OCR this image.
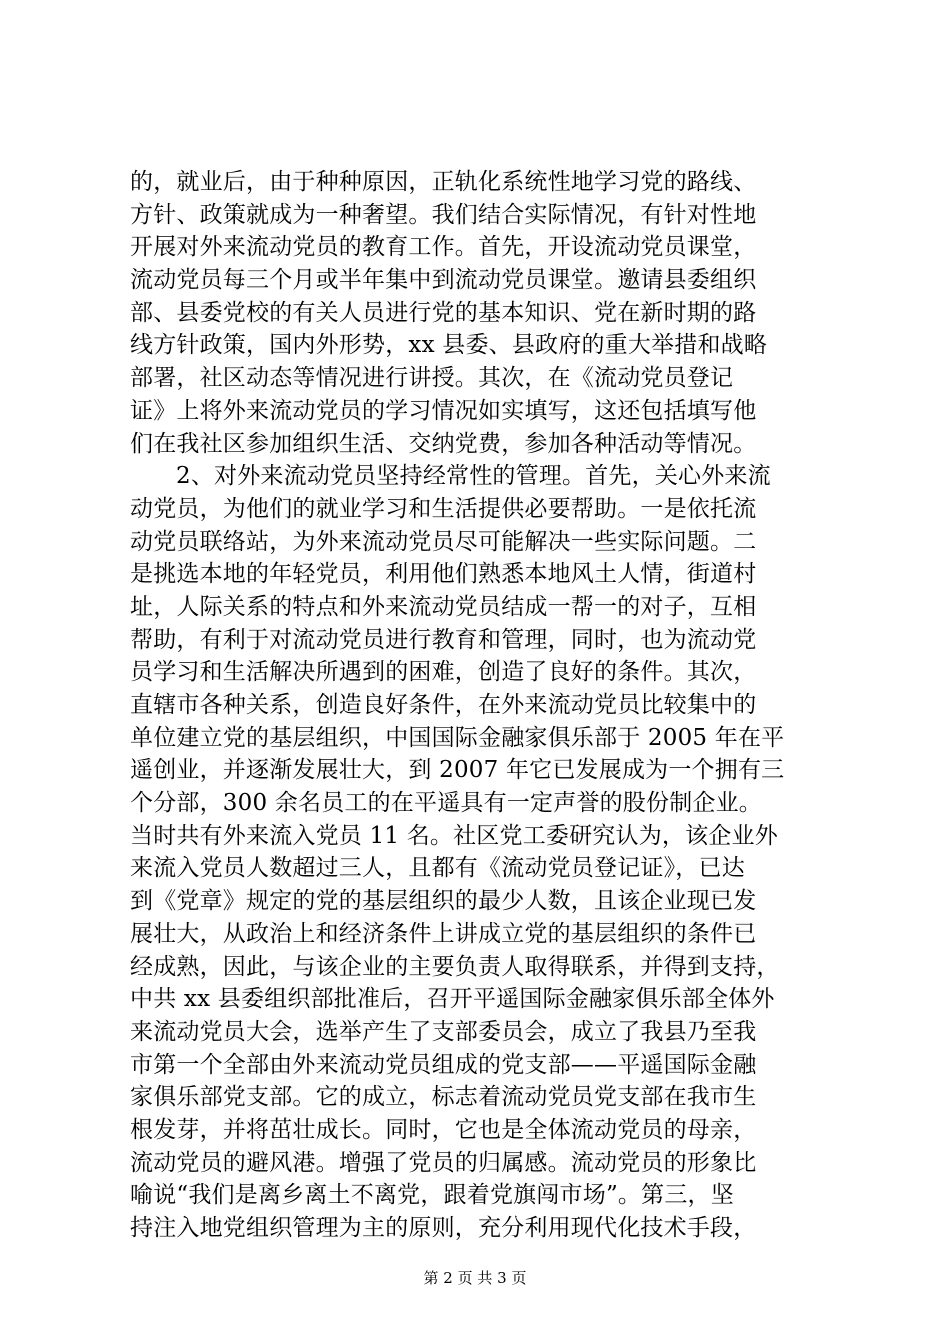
的，就业后，由于种种原因，正轨化系统性地学习党的路线、
方针、政策就成为一种奢望。我们结合实际情况，有针对性地
开展对外来流动党员的教育工作。首先，开设流动党员课堂，
流动党员每三个月或半年集中到流动党员课堂。邀请县委组织
部、县委党校的有关人员进行党的基本知识、党在新时期的路
线方针政策，国内外形势，xx 县委、县政府的重大举措和战略
部署，社区动态等情况进行讲授。其次，在《流动党员登记
证》上将外来流动党员的学习情况如实填写，这还包括填写他
们在我社区参加组织生活、交纳党费，参加各种活动等情况。
2、对外来流动党员坚持经常性的管理。首先，关心外来流
动党员，为他们的就业学习和生活提供必要帮助。一是依托流
动党员联络站，为外来流动党员尽可能解决一些实际问题。二
是挑选本地的年轻党员，利用他们熟悉本地风土人情，街道村
址，人际关系的特点和外来流动党员结成一帮一的对子，互相
帮助，有利于对流动党员进行教育和管理，同时，也为流动党
员学习和生活解决所遇到的困难，创造了良好的条件。其次，
直辖市各种关系，创造良好条件，在外来流动党员比较集中的
单位建立党的基层组织，中国国际金融家俱乐部于 2005 年在平
遥创业，并逐渐发展壮大，到 2007 年它已发展成为一个拥有三
个分部，300 余名员工的在平遥具有一定声誉的股份制企业。
当时共有外来流入党员 11 名。社区党工委研究认为，该企业外
来流入党员人数超过三人，且都有《流动党员登记证》，已达
到《党章》规定的党的基层组织的最少人数，且该企业现已发
展壮大，从政治上和经济条件上讲成立党的基层组织的条件已
经成熟，因此，与该企业的主要负责人取得联系，并得到支持，
中共 xx 县委组织部批准后，召开平遥国际金融家俱乐部全体外
来流动党员大会，选举产生了支部委员会，成立了我县乃至我
市第一个全部由外来流动党员组成的党支部——平遥国际金融
家俱乐部党支部。它的成立，标志着流动党员党支部在我市生
根发芽，并将茁壮成长。同时，它也是全体流动党员的母亲，
流动党员的避风港。增强了党员的归属感。流动党员的形象比
喻说“我们是离乡离土不离党，跟着党旗闯市场”。第三，坚
持注入地党组织管理为主的原则，充分利用现代化技术手段，
第 2 页 共 3 页
